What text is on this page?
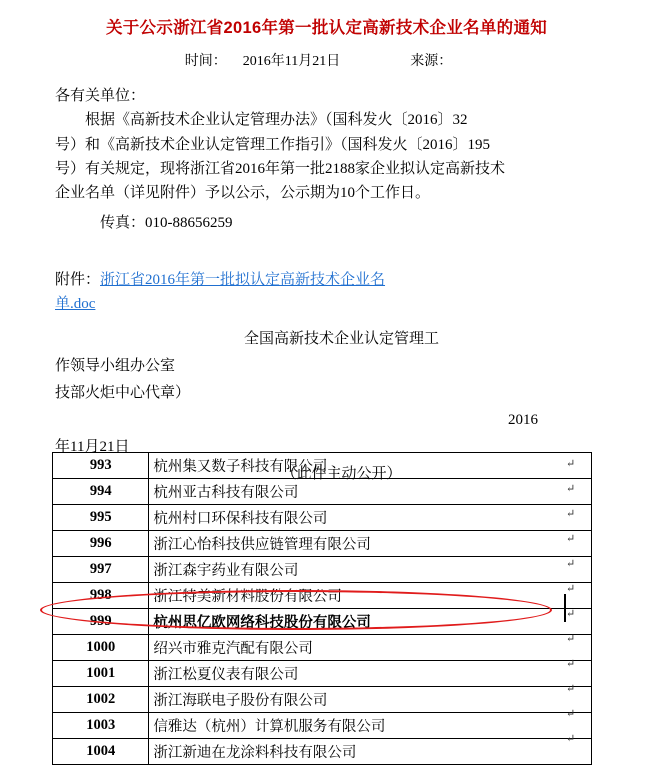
关于公示浙江省2016年第一批认定高新技术企业名单的通知
时间： 2016年11月21日	来源：

各有关单位：

根据《高新技术企业认定管理办法》（国科发火〔2016〕32

号）和《高新技术企业认定管理工作指引》（国科发火〔2016〕195

号）有关规定，现将浙江省2016年第一批2188家企业拟认定高新技术

企业名单（详见附件）予以公示，公示期为10个工作日。

传真：010-88656259
附件：浙江省2016年第一批拟认定高新技术企业名
单.doc
全国高新技术企业认定管理工
作领导小组办公室
技部火炬中心代章）
2016
年11月21日
（此件主动公开）
993	杭州集又数子科技有限公司
994	杭州亚古科技有限公司
995	杭州村口环保科技有限公司
996	浙江心怡科技供应链管理有限公司
997	浙江森宇药业有限公司
998	浙江特美新材料股份有限公司
999	杭州思亿欧网络科技股份有限公司
1000	绍兴市雅克汽配有限公司
1001	浙江松夏仪表有限公司
1002	浙江海联电子股份有限公司
1003	信雅达（杭州）计算机服务有限公司
1004	浙江新迪在龙涂料科技有限公司
↵
↵
↵
↵
↵
↵
↵
↵
↵
↵
↵
↵
